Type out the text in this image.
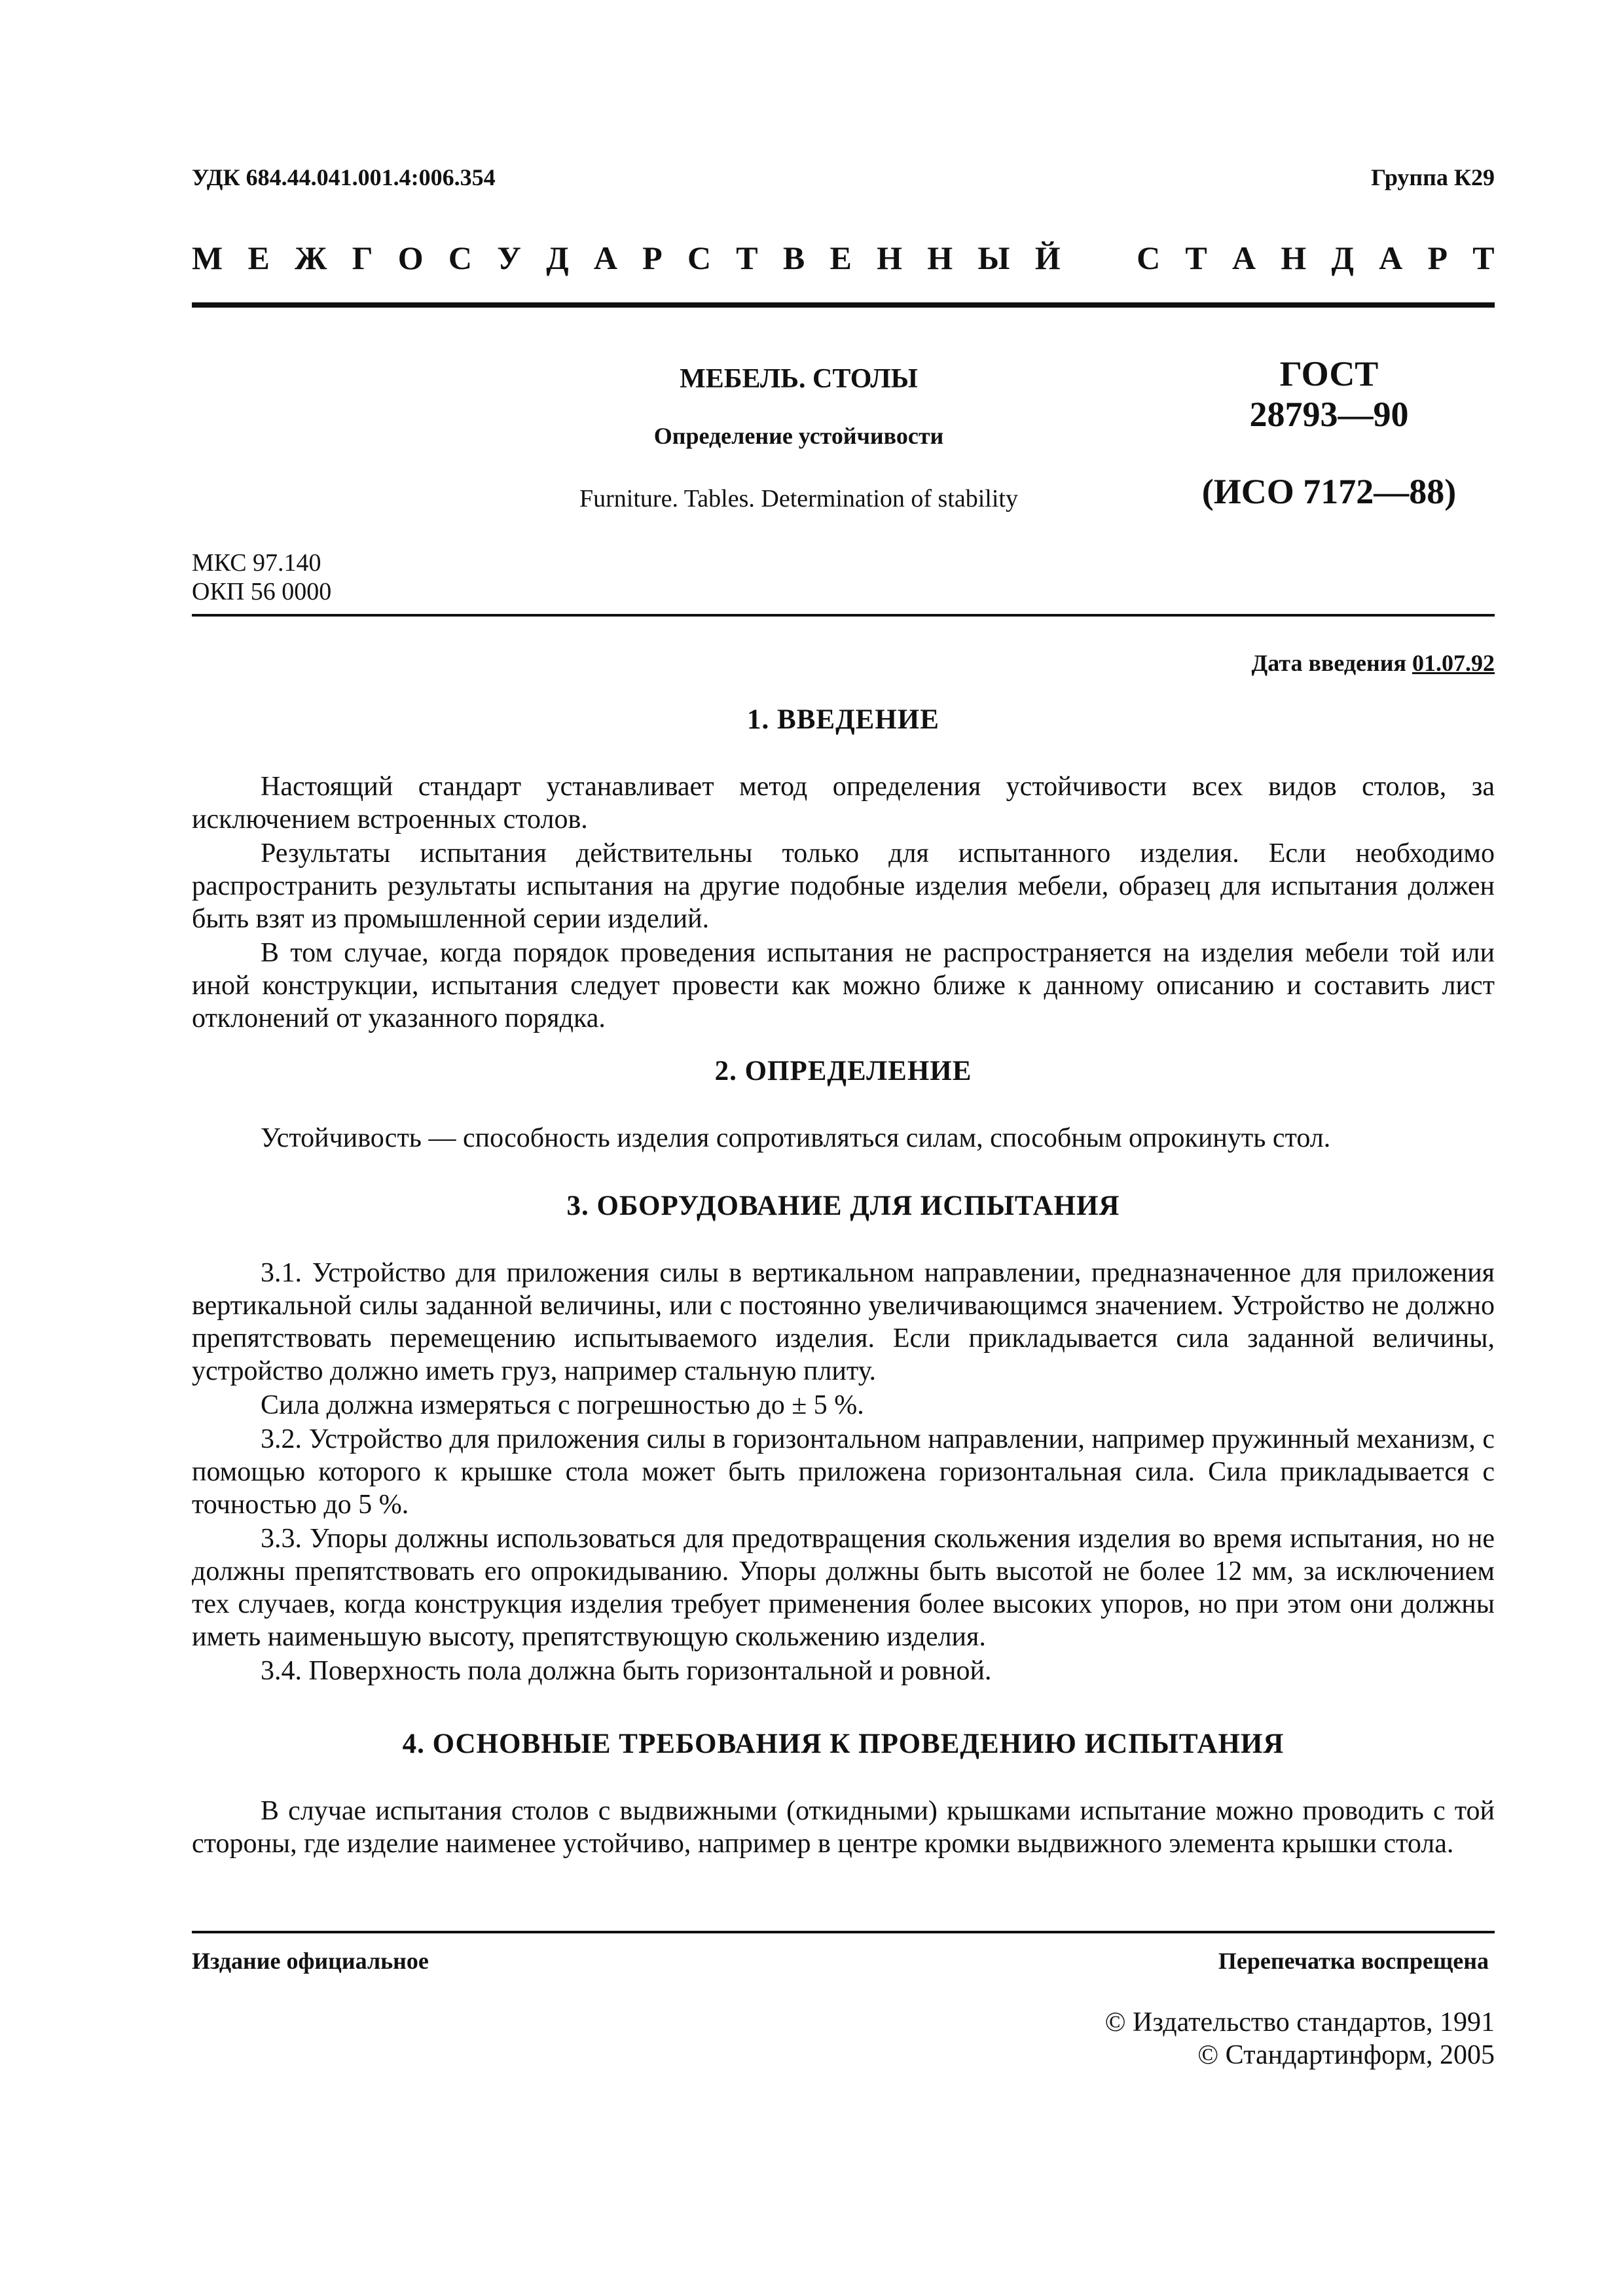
УДК 684.44.041.001.4:006.354	Группа К29
М Е Ж Г О С У Д А Р С Т В Е Н Н Ы Й С Т А Н Д А Р Т
МЕБЕЛЬ. СТОЛЫ
Определение устойчивости
Furniture. Tables. Determination of stability
ГОСТ
28793—90
(ИСО 7172—88)
МКС 97.140
ОКП 56 0000
Дата введения 01.07.92
1. ВВЕДЕНИЕ

Настоящий стандарт устанавливает метод определения устойчивости всех видов столов, за исключением встроенных столов.

Результаты испытания действительны только для испытанного изделия. Если необходимо распространить результаты испытания на другие подобные изделия мебели, образец для испытания должен быть взят из промышленной серии изделий.

В том случае, когда порядок проведения испытания не распространяется на изделия мебели той или иной конструкции, испытания следует провести как можно ближе к данному описанию и составить лист отклонений от указанного порядка.

2. ОПРЕДЕЛЕНИЕ

Устойчивость — способность изделия сопротивляться силам, способным опрокинуть стол.

3. ОБОРУДОВАНИЕ ДЛЯ ИСПЫТАНИЯ

3.1. Устройство для приложения силы в вертикальном направлении, предназначенное для приложения вертикальной силы заданной величины, или с постоянно увеличивающимся значением. Устройство не должно препятствовать перемещению испытываемого изделия. Если прикладывается сила заданной величины, устройство должно иметь груз, например стальную плиту.

Сила должна измеряться с погрешностью до ± 5 %.

3.2. Устройство для приложения силы в горизонтальном направлении, например пружинный механизм, с помощью которого к крышке стола может быть приложена горизонтальная сила. Сила прикладывается с точностью до 5 %.

3.3. Упоры должны использоваться для предотвращения скольжения изделия во время испытания, но не должны препятствовать его опрокидыванию. Упоры должны быть высотой не более 12 мм, за исключением тех случаев, когда конструкция изделия требует применения более высоких упоров, но при этом они должны иметь наименьшую высоту, препятствующую скольжению изделия.

3.4. Поверхность пола должна быть горизонтальной и ровной.

4. ОСНОВНЫЕ ТРЕБОВАНИЯ К ПРОВЕДЕНИЮ ИСПЫТАНИЯ

В случае испытания столов с выдвижными (откидными) крышками испытание можно проводить с той стороны, где изделие наименее устойчиво, например в центре кромки выдвижного элемента крышки стола.

Издание официальное	Перепечатка воспрещена
© Издательство стандартов, 1991
© Стандартинформ, 2005
